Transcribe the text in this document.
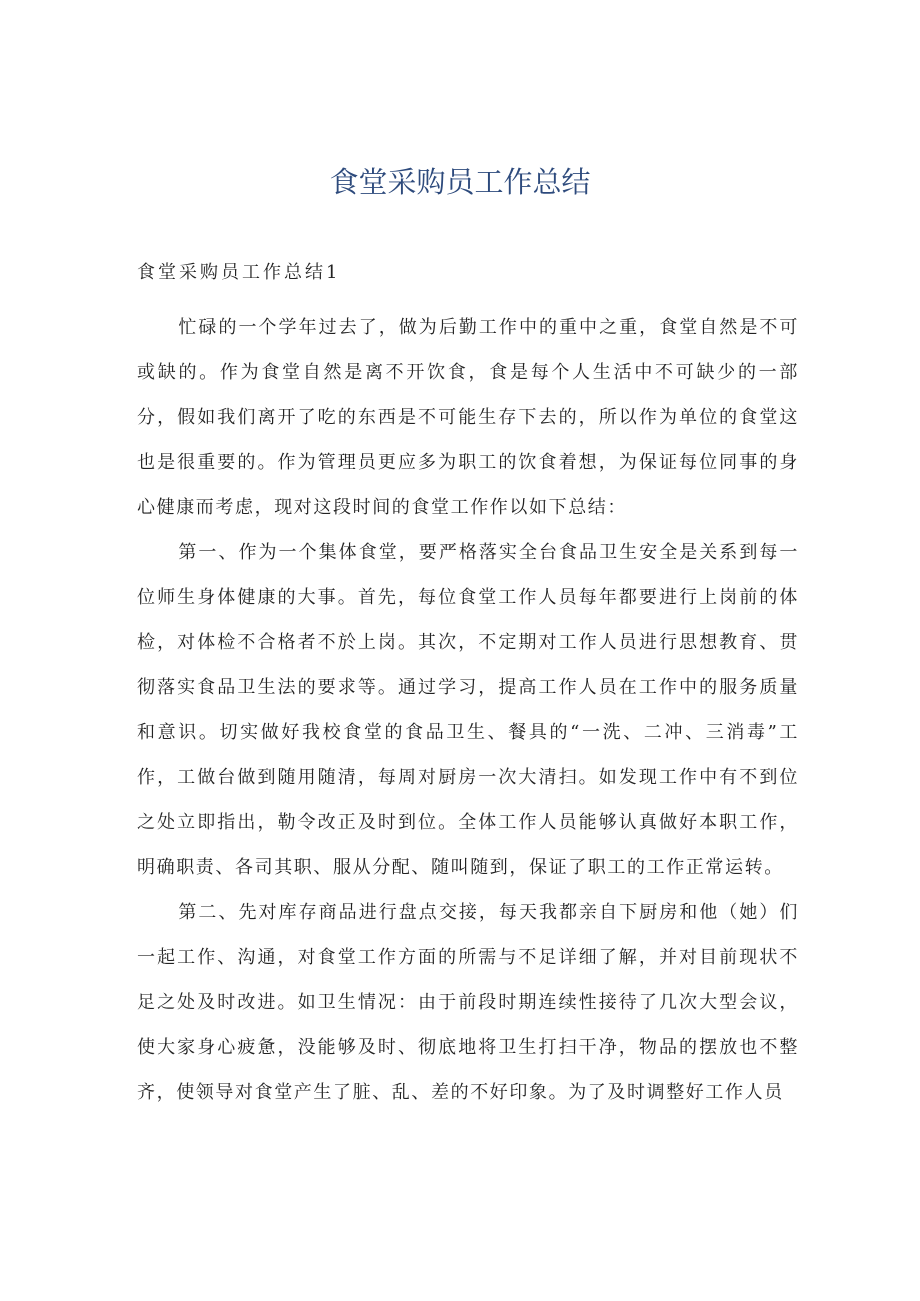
食堂采购员工作总结
食堂采购员工作总结1

忙碌的一个学年过去了，做为后勤工作中的重中之重，食堂自然是不可或缺的。作为食堂自然是离不开饮食，食是每个人生活中不可缺少的一部分，假如我们离开了吃的东西是不可能生存下去的，所以作为单位的食堂这也是很重要的。作为管理员更应多为职工的饮食着想，为保证每位同事的身心健康而考虑，现对这段时间的食堂工作作以如下总结：

第一、作为一个集体食堂，要严格落实全台食品卫生安全是关系到每一位师生身体健康的大事。首先，每位食堂工作人员每年都要进行上岗前的体检，对体检不合格者不於上岗。其次，不定期对工作人员进行思想教育、贯彻落实食品卫生法的要求等。通过学习，提高工作人员在工作中的服务质量和意识。切实做好我校食堂的食品卫生、餐具的“一洗、二冲、三消毒”工作，工做台做到随用随清，每周对厨房一次大清扫。如发现工作中有不到位之处立即指出，勒令改正及时到位。全体工作人员能够认真做好本职工作，明确职责、各司其职、服从分配、随叫随到，保证了职工的工作正常运转。

第二、先对库存商品进行盘点交接，每天我都亲自下厨房和他（她）们一起工作、沟通，对食堂工作方面的所需与不足详细了解，并对目前现状不足之处及时改进。如卫生情况：由于前段时期连续性接待了几次大型会议，使大家身心疲惫，没能够及时、彻底地将卫生打扫干净，物品的摆放也不整齐，使领导对食堂产生了脏、乱、差的不好印象。为了及时调整好工作人员
